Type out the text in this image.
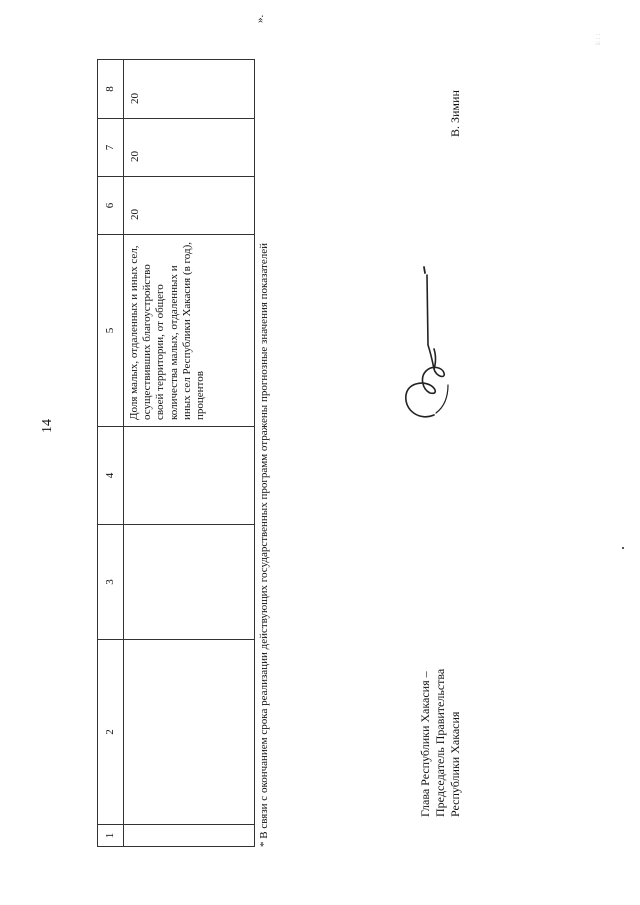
14
1	2	3	4	5	6	7	8

				Доля малых, отдаленных и иных сел, осуществивших благоустройство своей территории, от общего количества малых, отдаленных и иных сел Республики Хакасия (в год), процентов	20	20	20
* В связи с окончанием срока реализации действующих государственных программ отражены прогнозные значения показателей
».
Глава Республики Хакасия – Председатель Правительства Республики Хакасия
В. Зимин
i: : :
